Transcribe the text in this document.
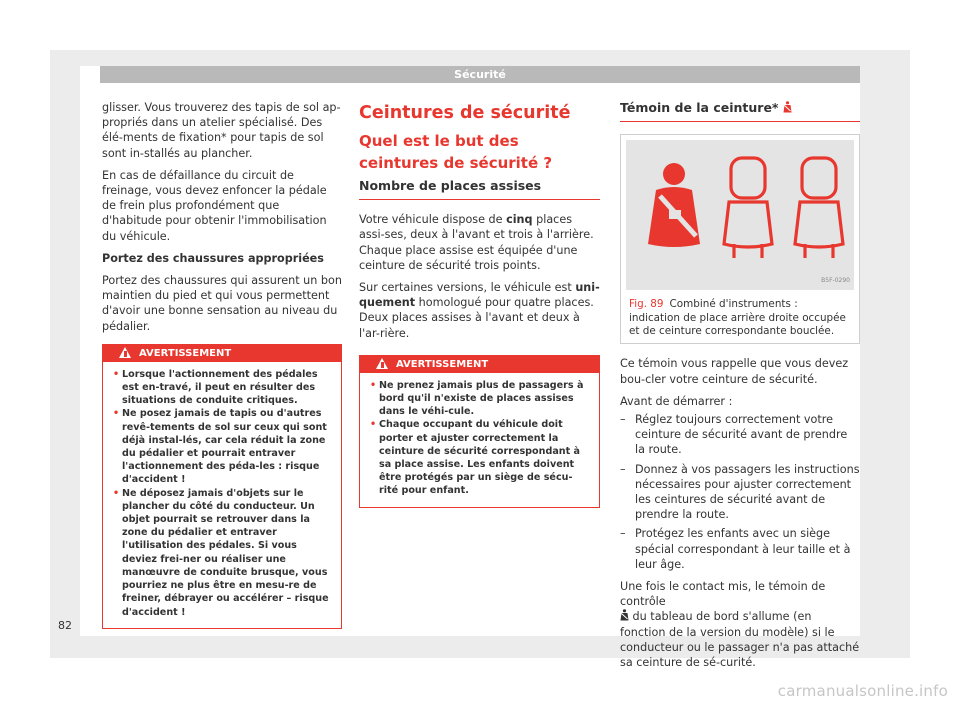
Sécurité

glisser. Vous trouverez des tapis de sol ap-propriés dans un atelier spécialisé. Des élé-ments de fixation* pour tapis de sol sont in-stallés au plancher.

En cas de défaillance du circuit de freinage, vous devez enfoncer la pédale de frein plus profondément que d'habitude pour obtenir l'immobilisation du véhicule.

Portez des chaussures appropriées

Portez des chaussures qui assurent un bon maintien du pied et qui vous permettent d'avoir une bonne sensation au niveau du pédalier.

AVERTISSEMENT
• Lorsque l'actionnement des pédales est en-travé, il peut en résulter des situations de conduite critiques.
• Ne posez jamais de tapis ou d'autres revê-tements de sol sur ceux qui sont déjà instal-lés, car cela réduit la zone du pédalier et pourrait entraver l'actionnement des péda-les : risque d'accident !
• Ne déposez jamais d'objets sur le plancher du côté du conducteur. Un objet pourrait se retrouver dans la zone du pédalier et entraver l'utilisation des pédales. Si vous deviez frei-ner ou réaliser une manœuvre de conduite brusque, vous pourriez ne plus être en mesu-re de freiner, débrayer ou accélérer – risque d'accident !
Ceintures de sécurité
Quel est le but des ceintures de sécurité ?
Nombre de places assises

Votre véhicule dispose de cinq places assi-ses, deux à l'avant et trois à l'arrière. Chaque place assise est équipée d'une ceinture de sécurité trois points.

Sur certaines versions, le véhicule est uni-quement homologué pour quatre places. Deux places assises à l'avant et deux à l'ar-rière.

AVERTISSEMENT
• Ne prenez jamais plus de passagers à bord qu'il n'existe de places assises dans le véhi-cule.
• Chaque occupant du véhicule doit porter et ajuster correctement la ceinture de sécurité correspondant à sa place assise. Les enfants doivent être protégés par un siège de sécu-rité pour enfant.
Témoin de la ceinture*
B5F-0290
Fig. 89 Combiné d'instruments : indication de place arrière droite occupée et de ceinture correspondante bouclée.

Ce témoin vous rappelle que vous devez bou-cler votre ceinture de sécurité.

Avant de démarrer :

– Réglez toujours correctement votre ceinture de sécurité avant de prendre la route.
– Donnez à vos passagers les instructions nécessaires pour ajuster correctement les ceintures de sécurité avant de prendre la route.
– Protégez les enfants avec un siège spécial correspondant à leur taille et à leur âge.

Une fois le contact mis, le témoin de contrôle
du tableau de bord s'allume (en fonction de la version du modèle) si le conducteur ou le passager n'a pas attaché sa ceinture de sé-curité.

82
carmanualsonline.info
